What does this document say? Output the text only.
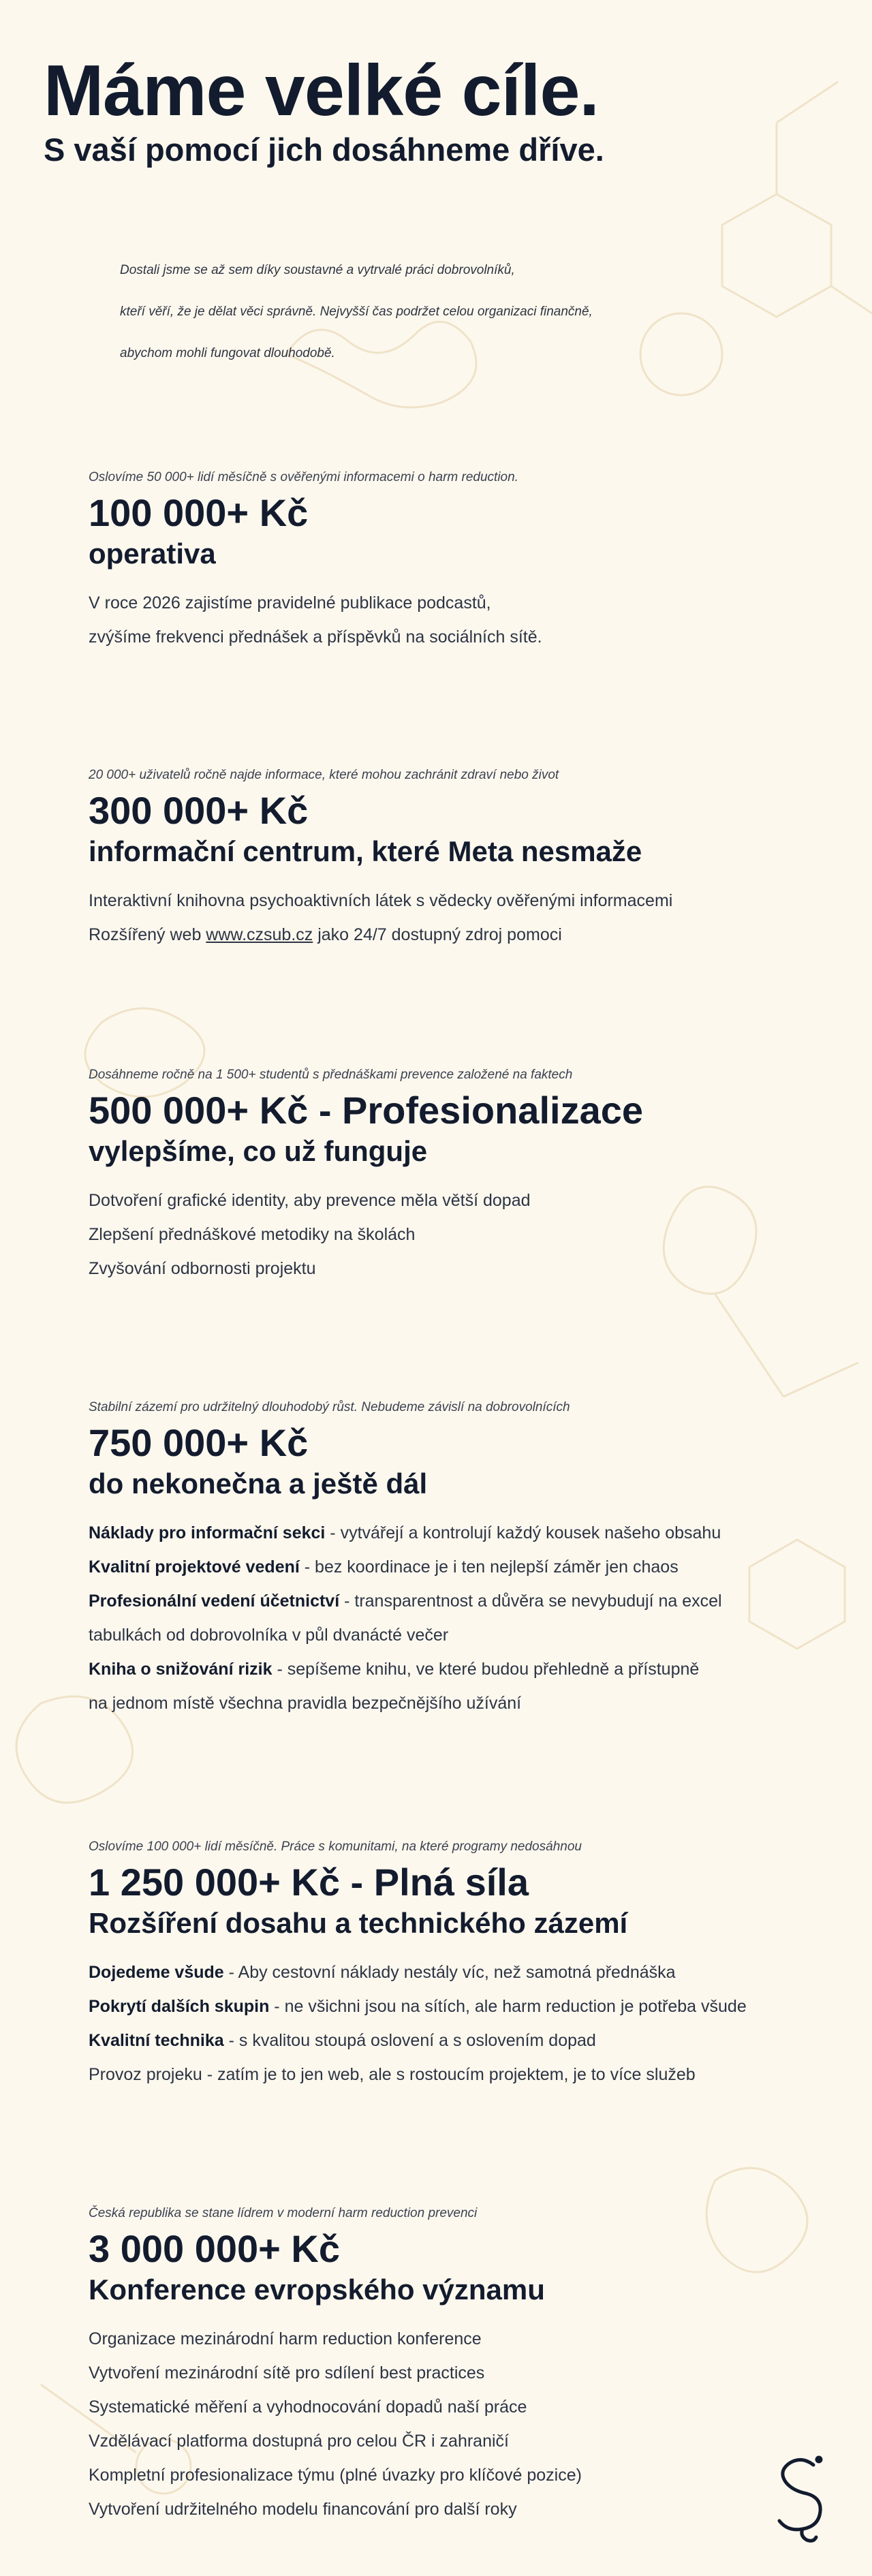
Máme velké cíle.
S vaší pomocí jich dosáhneme dříve.

Dostali jsme se až sem díky soustavné a vytrvalé práci dobrovolníků,

kteří věří, že je dělat věci správně. Nejvyšší čas podržet celou organizaci finančně,

abychom mohli fungovat dlouhodobě.

Oslovíme 50 000+ lidí měsíčně s ověřenými informacemi o harm reduction.

100 000+ Kč

operativa

V roce 2026 zajistíme pravidelné publikace podcastů,

zvýšíme frekvenci přednášek a příspěvků na sociálních sítě.

20 000+ uživatelů ročně najde informace, které mohou zachránit zdraví nebo život

300 000+ Kč

informační centrum, které Meta nesmaže

Interaktivní knihovna psychoaktivních látek s vědecky ověřenými informacemi

Rozšířený web www.czsub.cz jako 24/7 dostupný zdroj pomoci

Dosáhneme ročně na 1 500+ studentů s přednáškami prevence založené na faktech

500 000+ Kč - Profesionalizace

vylepšíme, co už funguje

Dotvoření grafické identity, aby prevence měla větší dopad

Zlepšení přednáškové metodiky na školách

Zvyšování odbornosti projektu

Stabilní zázemí pro udržitelný dlouhodobý růst. Nebudeme závislí na dobrovolnících

750 000+ Kč

do nekonečna a ještě dál

Náklady pro informační sekci - vytvářejí a kontrolují každý kousek našeho obsahu

Kvalitní projektové vedení - bez koordinace je i ten nejlepší záměr jen chaos

Profesionální vedení účetnictví - transparentnost a důvěra se nevybudují na excel

tabulkách od dobrovolníka v půl dvanácté večer

Kniha o snižování rizik - sepíšeme knihu, ve které budou přehledně a přístupně

na jednom místě všechna pravidla bezpečnějšího užívání

Oslovíme 100 000+ lidí měsíčně. Práce s komunitami, na které programy nedosáhnou

1 250 000+ Kč - Plná síla

Rozšíření dosahu a technického zázemí

Dojedeme všude - Aby cestovní náklady nestály víc, než samotná přednáška

Pokrytí dalších skupin - ne všichni jsou na sítích, ale harm reduction je potřeba všude

Kvalitní technika - s kvalitou stoupá oslovení a s oslovením dopad

Provoz projeku - zatím je to jen web, ale s rostoucím projektem, je to více služeb

Česká republika se stane lídrem v moderní harm reduction prevenci

3 000 000+ Kč

Konference evropského významu

Organizace mezinárodní harm reduction konference

Vytvoření mezinárodní sítě pro sdílení best practices

Systematické měření a vyhodnocování dopadů naší práce

Vzdělávací platforma dostupná pro celou ČR i zahraničí

Kompletní profesionalizace týmu (plné úvazky pro klíčové pozice)

Vytvoření udržitelného modelu financování pro další roky
